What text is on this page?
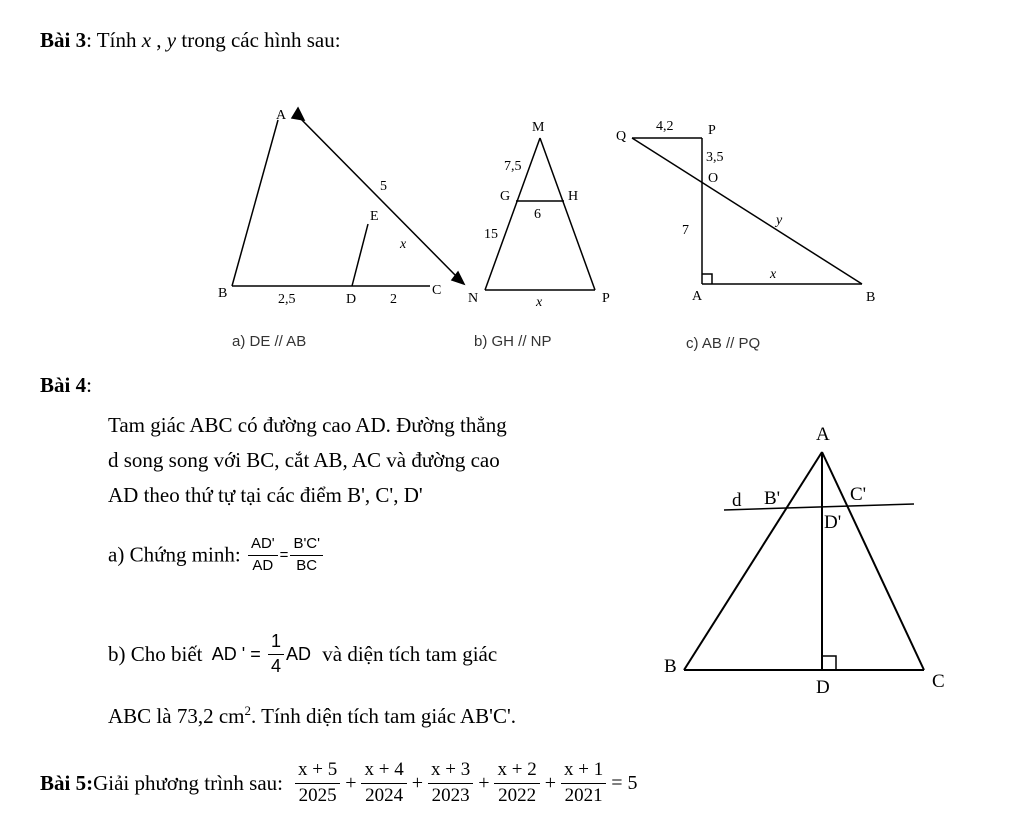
Bài 3: Tính x , y trong các hình sau:
A
B	C
D
E
5
x
2,5	2
a) DE // AB
M
G	H
N	P
7,5
6
15
x
b) GH // NP
Q	P
O
A	B
4,2
3,5
7
y
x
c) AB // PQ
Bài 4:
Tam giác ABC có đường cao AD. Đường thẳng
d song song với BC, cắt AB, AC và đường cao
AD theo thứ tự tại các điểm B', C', D'
a) Chứng minh: $\frac{AD'}{AD} = \frac{B'C'}{BC}$
b) Cho biết AD ' = $\frac{1}{4}$ AD và diện tích tam giác
ABC là 73,2 $cm^2$. Tính diện tích tam giác AB'C'.
A
B
C
D
d B'	C'
D'
Bài 5: Giải phương trình sau: $\frac{x + 5}{2025} + \frac{x + 4}{2024} + \frac{x + 3}{2023} + \frac{x + 2}{2022} + \frac{x + 1}{2021} = 5$
